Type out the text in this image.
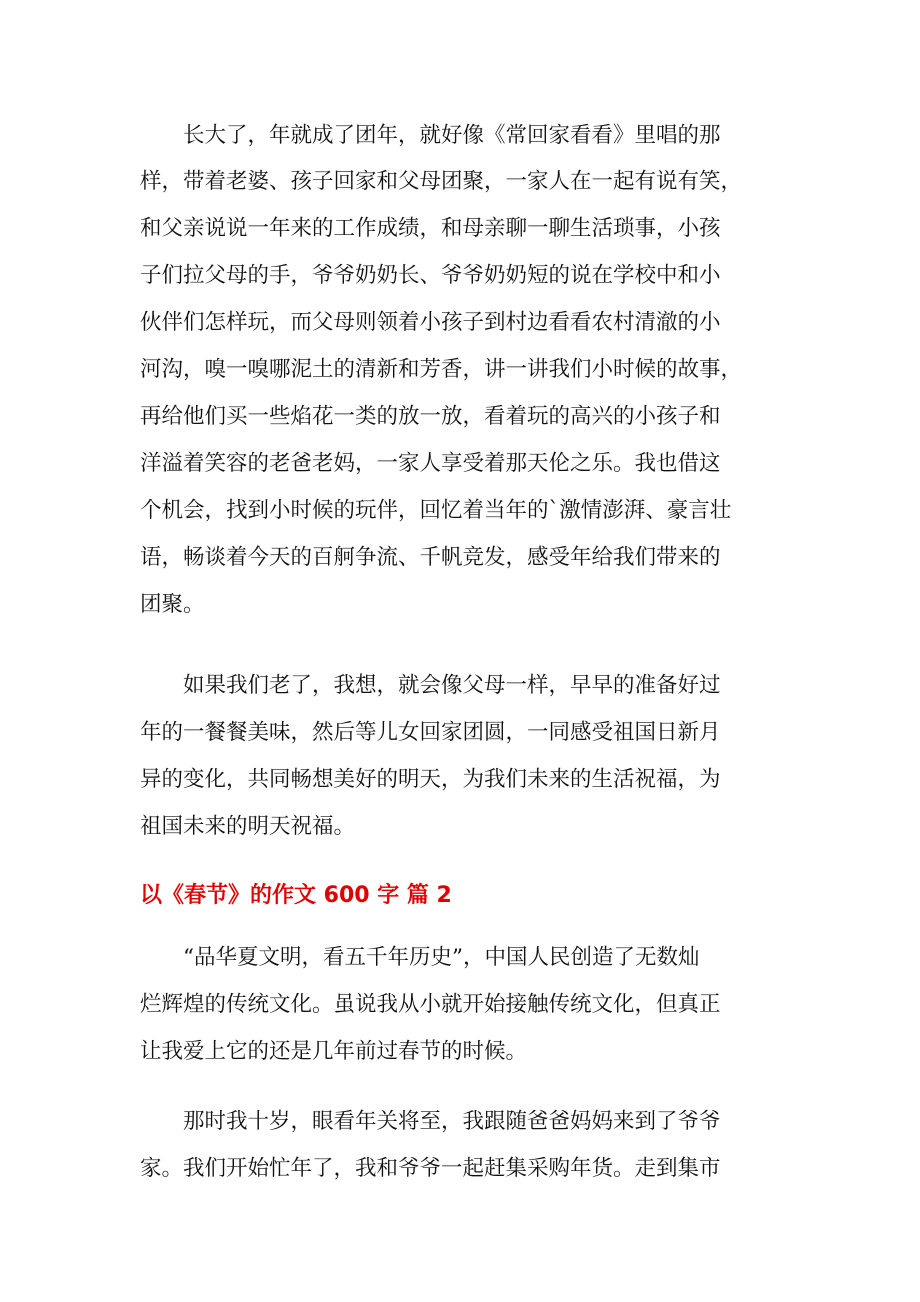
长大了，年就成了团年，就好像《常回家看看》里唱的那
样，带着老婆、孩子回家和父母团聚，一家人在一起有说有笑，
和父亲说说一年来的工作成绩，和母亲聊一聊生活琐事，小孩
子们拉父母的手，爷爷奶奶长、爷爷奶奶短的说在学校中和小
伙伴们怎样玩，而父母则领着小孩子到村边看看农村清澈的小
河沟，嗅一嗅哪泥土的清新和芳香，讲一讲我们小时候的故事，
再给他们买一些焰花一类的放一放，看着玩的高兴的小孩子和
洋溢着笑容的老爸老妈，一家人享受着那天伦之乐。我也借这
个机会，找到小时候的玩伴，回忆着当年的`激情澎湃、豪言壮
语，畅谈着今天的百舸争流、千帆竞发，感受年给我们带来的
团聚。
如果我们老了，我想，就会像父母一样，早早的准备好过
年的一餐餐美味，然后等儿女回家团圆，一同感受祖国日新月
异的变化，共同畅想美好的明天，为我们未来的生活祝福，为
祖国未来的明天祝福。
以《春节》的作文 600 字 篇 2
“品华夏文明，看五千年历史”，中国人民创造了无数灿
烂辉煌的传统文化。虽说我从小就开始接触传统文化，但真正
让我爱上它的还是几年前过春节的时候。
那时我十岁，眼看年关将至，我跟随爸爸妈妈来到了爷爷
家。我们开始忙年了，我和爷爷一起赶集采购年货。走到集市
